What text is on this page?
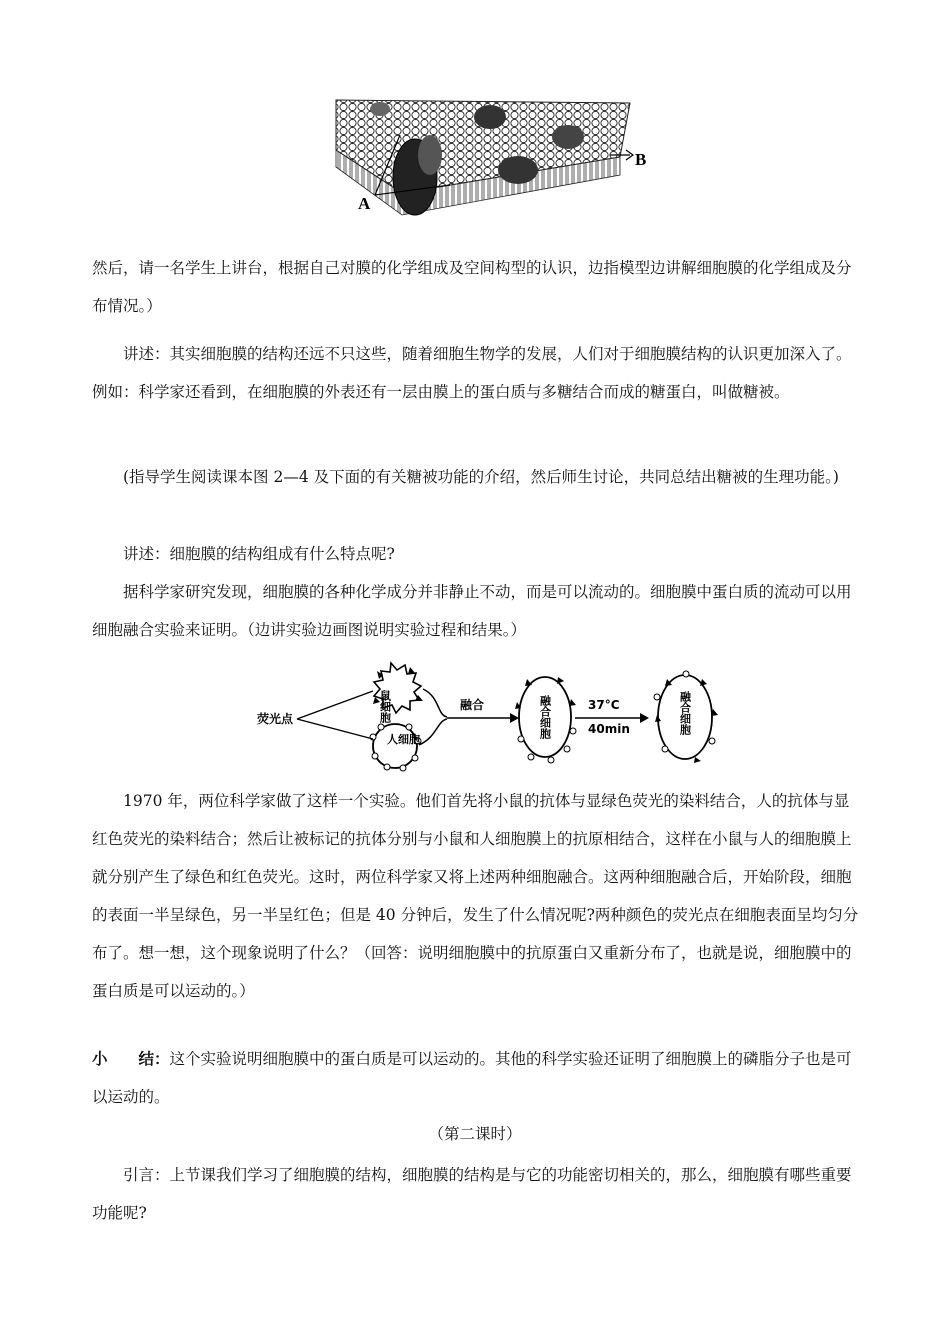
A
B

然后，请一名学生上讲台，根据自己对膜的化学组成及空间构型的认识，边指模型边讲解细胞膜的化学组成及分布情况。）

讲述：其实细胞膜的结构还远不只这些，随着细胞生物学的发展，人们对于细胞膜结构的认识更加深入了。例如：科学家还看到，在细胞膜的外表还有一层由膜上的蛋白质与多糖结合而成的糖蛋白，叫做糖被。

(指导学生阅读课本图 2—4 及下面的有关糖被功能的介绍，然后师生讨论，共同总结出糖被的生理功能。)

讲述：细胞膜的结构组成有什么特点呢?

据科学家研究发现，细胞膜的各种化学成分并非静止不动，而是可以流动的。细胞膜中蛋白质的流动可以用细胞融合实验来证明。（边讲实验边画图说明实验过程和结果。）

鼠细胞
人细胞
荧光点
融合	融合细胞	37°C
40min	融合细胞

1970 年，两位科学家做了这样一个实验。他们首先将小鼠的抗体与显绿色荧光的染料结合，人的抗体与显红色荧光的染料结合；然后让被标记的抗体分别与小鼠和人细胞膜上的抗原相结合，这样在小鼠与人的细胞膜上就分别产生了绿色和红色荧光。这时，两位科学家又将上述两种细胞融合。这两种细胞融合后，开始阶段，细胞的表面一半呈绿色，另一半呈红色；但是 40 分钟后，发生了什么情况呢?两种颜色的荧光点在细胞表面呈均匀分布了。想一想，这个现象说明了什么？（回答：说明细胞膜中的抗原蛋白又重新分布了，也就是说，细胞膜中的蛋白质是可以运动的。）

小　　结：这个实验说明细胞膜中的蛋白质是可以运动的。其他的科学实验还证明了细胞膜上的磷脂分子也是可以运动的。

（第二课时）

引言：上节课我们学习了细胞膜的结构，细胞膜的结构是与它的功能密切相关的，那么，细胞膜有哪些重要功能呢?
